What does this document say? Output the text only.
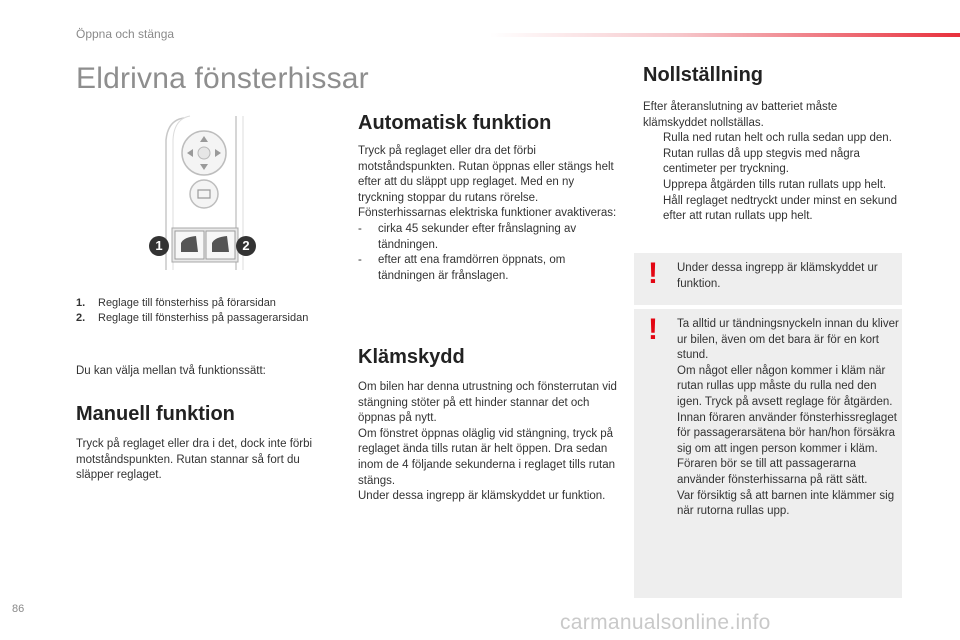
Öppna och stänga
Eldrivna fönsterhissar
1	2
1.	Reglage till fönsterhiss på förarsidan
2.	Reglage till fönsterhiss på passagerarsidan
Du kan välja mellan två funktionssätt:
Manuell funktion

Tryck på reglaget eller dra i det, dock inte förbi motståndspunkten. Rutan stannar så fort du släpper reglaget.

Automatisk funktion

Tryck på reglaget eller dra det förbi motståndspunkten. Rutan öppnas eller stängs helt efter att du släppt upp reglaget. Med en ny tryckning stoppar du rutans rörelse.

Fönsterhissarnas elektriska funktioner avaktiveras:

-	cirka 45 sekunder efter frånslagning av tändningen.
-	efter att ena framdörren öppnats, om tändningen är frånslagen.
Klämskydd

Om bilen har denna utrustning och fönsterrutan vid stängning stöter på ett hinder stannar det och öppnas på nytt.

Om fönstret öppnas oläglig vid stängning, tryck på reglaget ända tills rutan är helt öppen. Dra sedan inom de 4 följande sekunderna i reglaget tills rutan stängs.

Under dessa ingrepp är klämskyddet ur funktion.

Nollställning

Efter återanslutning av batteriet måste klämskyddet nollställas.

Rulla ned rutan helt och rulla sedan upp den. Rutan rullas då upp stegvis med några centimeter per tryckning.
Upprepa åtgärden tills rutan rullats upp helt.
Håll reglaget nedtryckt under minst en sekund efter att rutan rullats upp helt.
! Under dessa ingrepp är klämskyddet ur funktion.
! Ta alltid ur tändningsnyckeln innan du kliver ur bilen, även om det bara är för en kort stund.

Om något eller någon kommer i kläm när rutan rullas upp måste du rulla ned den igen. Tryck på avsett reglage för åtgärden.

Innan föraren använder fönsterhissreglaget för passagerarsätena bör han/hon försäkra sig om att ingen person kommer i kläm.

Föraren bör se till att passagerarna använder fönsterhissarna på rätt sätt.

Var försiktig så att barnen inte klämmer sig när rutorna rullas upp.

86
carmanualsonline.info
